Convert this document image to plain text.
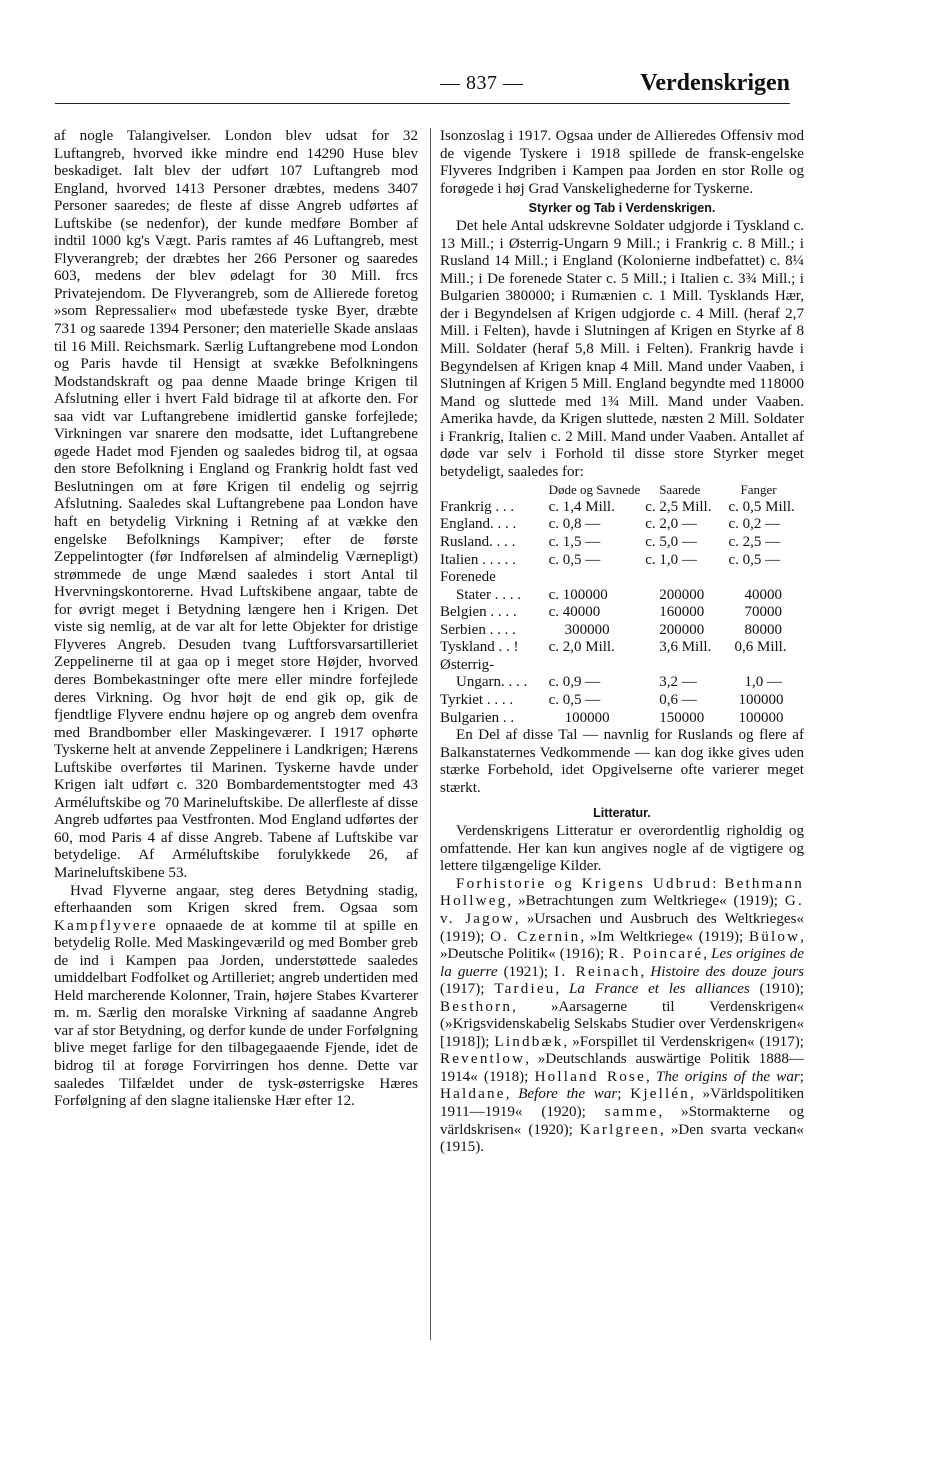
— 837 —	Verdenskrigen

af nogle Talangivelser. London blev udsat for 32 Luftangreb, hvorved ikke mindre end 14290 Huse blev beskadiget. Ialt blev der udført 107 Luftangreb mod England, hvorved 1413 Personer dræbtes, medens 3407 Personer saaredes; de fleste af disse Angreb udførtes af Luftskibe (se nedenfor), der kunde medføre Bomber af indtil 1000 kg's Vægt. Paris ramtes af 46 Luftangreb, mest Flyverangreb; der dræbtes her 266 Personer og saaredes 603, medens der blev ødelagt for 30 Mill. frcs Privatejendom. De Flyverangreb, som de Allierede foretog »som Repressalier« mod ubefæstede tyske Byer, dræbte 731 og saarede 1394 Personer; den materielle Skade anslaas til 16 Mill. Reichsmark. Særlig Luftangrebene mod London og Paris havde til Hensigt at svække Befolkningens Modstandskraft og paa denne Maade bringe Krigen til Afslutning eller i hvert Fald bidrage til at afkorte den. For saa vidt var Luftangrebene imidlertid ganske forfejlede; Virkningen var snarere den modsatte, idet Luftangrebene øgede Hadet mod Fjenden og saaledes bidrog til, at ogsaa den store Befolkning i England og Frankrig holdt fast ved Beslutningen om at føre Krigen til endelig og sejrrig Afslutning. Saaledes skal Luftangrebene paa London have haft en betydelig Virkning i Retning af at vække den engelske Befolknings Kampiver; efter de første Zeppelintogter (før Indførelsen af almindelig Værnepligt) strømmede de unge Mænd saaledes i stort Antal til Hvervningskontorerne. Hvad Luftskibene angaar, tabte de for øvrigt meget i Betydning længere hen i Krigen. Det viste sig nemlig, at de var alt for lette Objekter for dristige Flyveres Angreb. Desuden tvang Luftforsvarsartilleriet Zeppelinerne til at gaa op i meget store Højder, hvorved deres Bombekastninger ofte mere eller mindre forfejlede deres Virkning. Og hvor højt de end gik op, gik de fjendtlige Flyvere endnu højere op og angreb dem ovenfra med Brandbomber eller Maskingeværer. I 1917 ophørte Tyskerne helt at anvende Zeppelinere i Landkrigen; Hærens Luftskibe overførtes til Marinen. Tyskerne havde under Krigen ialt udført c. 320 Bombardementstogter med 43 Arméluftskibe og 70 Marineluftskibe. De allerfleste af disse Angreb udførtes paa Vestfronten. Mod England udførtes der 60, mod Paris 4 af disse Angreb. Tabene af Luftskibe var betydelige. Af Arméluftskibe forulykkede 26, af Marineluftskibene 53.

Hvad Flyverne angaar, steg deres Betydning stadig, efterhaanden som Krigen skred frem. Ogsaa som Kampflyvere opnaaede de at komme til at spille en betydelig Rolle. Med Maskingeværild og med Bomber greb de ind i Kampen paa Jorden, understøttede saaledes umiddelbart Fodfolket og Artilleriet; angreb undertiden med Held marcherende Kolonner, Train, højere Stabes Kvarterer m. m. Særlig den moralske Virkning af saadanne Angreb var af stor Betydning, og derfor kunde de under Forfølgning blive meget farlige for den tilbagegaaende Fjende, idet de bidrog til at forøge Forvirringen hos denne. Dette var saaledes Tilfældet under de tysk-østerrigske Hæres Forfølgning af den slagne italienske Hær efter 12.

Isonzoslag i 1917. Ogsaa under de Allieredes Offensiv mod de vigende Tyskere i 1918 spillede de fransk-engelske Flyveres Indgriben i Kampen paa Jorden en stor Rolle og forøgede i høj Grad Vanskelighederne for Tyskerne.

Styrker og Tab i Verdenskrigen.

Det hele Antal udskrevne Soldater udgjorde i Tyskland c. 13 Mill.; i Østerrig-Ungarn 9 Mill.; i Frankrig c. 8 Mill.; i Rusland 14 Mill.; i England (Kolonierne indbefattet) c. 8¼ Mill.; i De forenede Stater c. 5 Mill.; i Italien c. 3¾ Mill.; i Bulgarien 380000; i Rumænien c. 1 Mill. Tysklands Hær, der i Begyndelsen af Krigen udgjorde c. 4 Mill. (heraf 2,7 Mill. i Felten), havde i Slutningen af Krigen en Styrke af 8 Mill. Soldater (heraf 5,8 Mill. i Felten). Frankrig havde i Begyndelsen af Krigen knap 4 Mill. Mand under Vaaben, i Slutningen af Krigen 5 Mill. England begyndte med 118000 Mand og sluttede med 1¾ Mill. Mand under Vaaben. Amerika havde, da Krigen sluttede, næsten 2 Mill. Soldater i Frankrig, Italien c. 2 Mill. Mand under Vaaben. Antallet af døde var selv i Forhold til disse store Styrker meget betydeligt, saaledes for:

	Døde og Savnede	Saarede	Fanger
Frankrig . . .	c. 1,4 Mill.	c. 2,5 Mill.	c. 0,5 Mill.
England. . . .	c. 0,8 —	c. 2,0 —	c. 0,2 —
Rusland. . . .	c. 1,5 —	c. 5,0 —	c. 2,5 —
Italien . . . . .	c. 0,5 —	c. 1,0 —	c. 0,5 —
Forenede			
Stater . . . .	c. 100000	200000	40000
Belgien . . . .	c. 40000	160000	70000
Serbien . . . .	300000	200000	80000
Tyskland . . !	c. 2,0 Mill.	3,6 Mill.	0,6 Mill.
Østerrig-			
Ungarn. . . .	c. 0,9 —	3,2 —	1,0 —
Tyrkiet . . . .	c. 0,5 —	0,6 —	100000
Bulgarien . .	100000	150000	100000

En Del af disse Tal — navnlig for Ruslands og flere af Balkanstaternes Vedkommende — kan dog ikke gives uden stærke Forbehold, idet Opgivelserne ofte varierer meget stærkt.

Litteratur.

Verdenskrigens Litteratur er overordentlig righoldig og omfattende. Her kan kun angives nogle af de vigtigere og lettere tilgængelige Kilder.

Forhistorie og Krigens Udbrud: Bethmann Hollweg, »Betrachtungen zum Weltkriege« (1919); G. v. Jagow, »Ursachen und Ausbruch des Weltkrieges« (1919); O. Czernin, »Im Weltkriege« (1919); Bülow, »Deutsche Politik« (1916); R. Poincaré, Les origines de la guerre (1921); I. Reinach, Histoire des douze jours (1917); Tardieu, La France et les alliances (1910); Besthorn, »Aarsagerne til Verdenskrigen« (»Krigsvidenskabelig Selskabs Studier over Verdenskrigen« [1918]); Lindbæk, »Forspillet til Verdenskrigen« (1917); Reventlow, »Deutschlands auswärtige Politik 1888—1914« (1918); Holland Rose, The origins of the war; Haldane, Before the war; Kjellén, »Världspolitiken 1911—1919« (1920); samme, »Stormakterne og världskrisen« (1920); Karlgreen, »Den svarta veckan« (1915).
